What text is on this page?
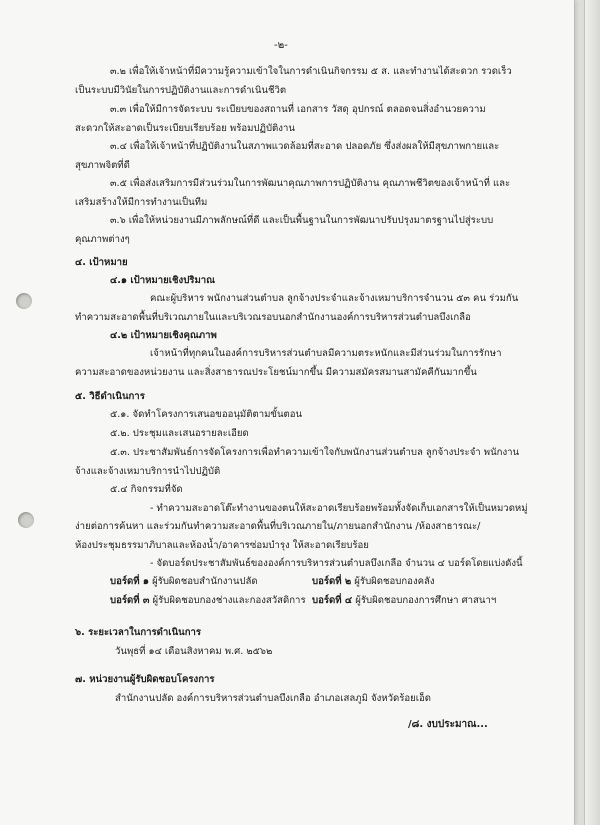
-๒-
๓.๒ เพื่อให้เจ้าหน้าที่มีความรู้ความเข้าใจในการดำเนินกิจกรรม ๕ ส. และทำงานได้สะดวก รวดเร็ว
เป็นระบบมีวินัยในการปฏิบัติงานและการดำเนินชีวิต
๓.๓ เพื่อให้มีการจัดระบบ ระเบียบของสถานที่ เอกสาร วัสดุ อุปกรณ์ ตลอดจนสิ่งอำนวยความ
สะดวกให้สะอาดเป็นระเบียบเรียบร้อย พร้อมปฏิบัติงาน
๓.๔ เพื่อให้เจ้าหน้าที่ปฏิบัติงานในสภาพแวดล้อมที่สะอาด ปลอดภัย ซึ่งส่งผลให้มีสุขภาพกายและ
สุขภาพจิตที่ดี
๓.๕ เพื่อส่งเสริมการมีส่วนร่วมในการพัฒนาคุณภาพการปฏิบัติงาน คุณภาพชีวิตของเจ้าหน้าที่ และ
เสริมสร้างให้มีการทำงานเป็นทีม
๓.๖ เพื่อให้หน่วยงานมีภาพลักษณ์ที่ดี และเป็นพื้นฐานในการพัฒนาปรับปรุงมาตรฐานไปสู่ระบบ
คุณภาพต่างๆ
๔. เป้าหมาย
๔.๑ เป้าหมายเชิงปริมาณ
คณะผู้บริหาร พนักงานส่วนตำบล ลูกจ้างประจำและจ้างเหมาบริการจำนวน ๕๓ คน ร่วมกัน
ทำความสะอาดพื้นที่บริเวณภายในและบริเวณรอบนอกสำนักงานองค์การบริหารส่วนตำบลบึงเกลือ
๔.๒ เป้าหมายเชิงคุณภาพ
เจ้าหน้าที่ทุกคนในองค์การบริหารส่วนตำบลมีความตระหนักและมีส่วนร่วมในการรักษา
ความสะอาดของหน่วยงาน และสิ่งสาธารณประโยชน์มากขึ้น มีความสมัครสมานสามัคคีกันมากขึ้น
๕. วิธีดำเนินการ
๕.๑. จัดทำโครงการเสนอขออนุมัติตามขั้นตอน
๕.๒. ประชุมและเสนอรายละเอียด
๕.๓. ประชาสัมพันธ์การจัดโครงการเพื่อทำความเข้าใจกับพนักงานส่วนตำบล ลูกจ้างประจำ พนักงาน
จ้างและจ้างเหมาบริการนำไปปฏิบัติ
๕.๔ กิจกรรมที่จัด
- ทำความสะอาดโต๊ะทำงานของตนให้สะอาดเรียบร้อยพร้อมทั้งจัดเก็บเอกสารให้เป็นหมวดหมู่
ง่ายต่อการค้นหา และร่วมกันทำความสะอาดพื้นที่บริเวณภายใน/ภายนอกสำนักงาน /ห้องสาธารณะ/
ห้องประชุมธรรมาภิบาลและห้องน้ำ/อาคารซ่อมบำรุง ให้สะอาดเรียบร้อย
- จัดบอร์ดประชาสัมพันธ์ขององค์การบริหารส่วนตำบลบึงเกลือ จำนวน ๔ บอร์ดโดยแบ่งดังนี้
บอร์ดที่ ๑ ผู้รับผิดชอบสำนักงานปลัด	บอร์ดที่ ๒ ผู้รับผิดชอบกองคลัง
บอร์ดที่ ๓ ผู้รับผิดชอบกองช่างและกองสวัสดิการ บอร์ดที่ ๔ ผู้รับผิดชอบกองการศึกษา ศาสนาฯ
๖. ระยะเวลาในการดำเนินการ
วันพุธที่ ๑๔ เดือนสิงหาคม พ.ศ. ๒๕๖๒
๗. หน่วยงานผู้รับผิดชอบโครงการ
สำนักงานปลัด องค์การบริหารส่วนตำบลบึงเกลือ อำเภอเสลภูมิ จังหวัดร้อยเอ็ด
/๘. งบประมาณ...
